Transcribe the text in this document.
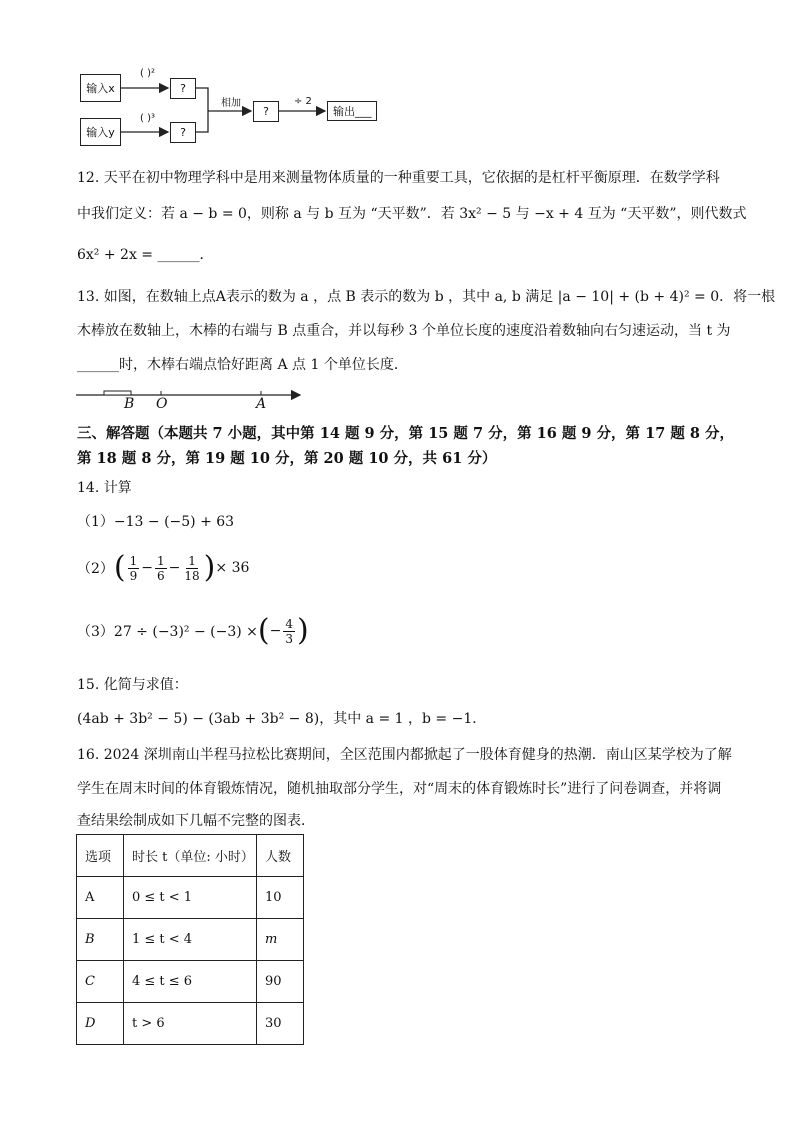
输入x
输入y
( )²
( )³
?
?
相加
?
÷ 2
输出___
12. 天平在初中物理学科中是用来测量物体质量的一种重要工具，它依据的是杠杆平衡原理．在数学学科
中我们定义：若 a − b = 0，则称 a 与 b 互为 “天平数”．若 3x² − 5 与 −x + 4 互为 “天平数”，则代数式
6x² + 2x = ______．
13. 如图，在数轴上点A表示的数为 a ，点 B 表示的数为 b ，其中 a, b 满足 |a − 10| + (b + 4)² = 0．将一根
木棒放在数轴上，木棒的右端与 B 点重合，并以每秒 3 个单位长度的速度沿着数轴向右匀速运动，当 t 为
______时，木棒右端点恰好距离 A 点 1 个单位长度．
B O	A
三、解答题（本题共 7 小题，其中第 14 题 9 分，第 15 题 7 分，第 16 题 9 分，第 17 题 8 分，
第 18 题 8 分，第 19 题 10 分，第 20 题 10 分，共 61 分）
14. 计算
（1）−13 − (−5) + 63
（2） ( $\frac{1}{9} - \frac{1}{6} - \frac{1}{18}$ ) × 36
（3）27 ÷ (−3)² − (−3) × ( − $\frac{4}{3}$ )
15. 化简与求值：
(4ab + 3b² − 5) − (3ab + 3b² − 8)，其中 a = 1 ，b = −1．
16. 2024 深圳南山半程马拉松比赛期间，全区范围内都掀起了一股体育健身的热潮．南山区某学校为了解
学生在周末时间的体育锻炼情况，随机抽取部分学生，对“周末的体育锻炼时长”进行了问卷调查，并将调
查结果绘制成如下几幅不完整的图表．
选项	时长 t（单位: 小时）	人数
A	0 ≤ t < 1	10
B	1 ≤ t < 4	m
C	4 ≤ t ≤ 6	90
D	t > 6	30
